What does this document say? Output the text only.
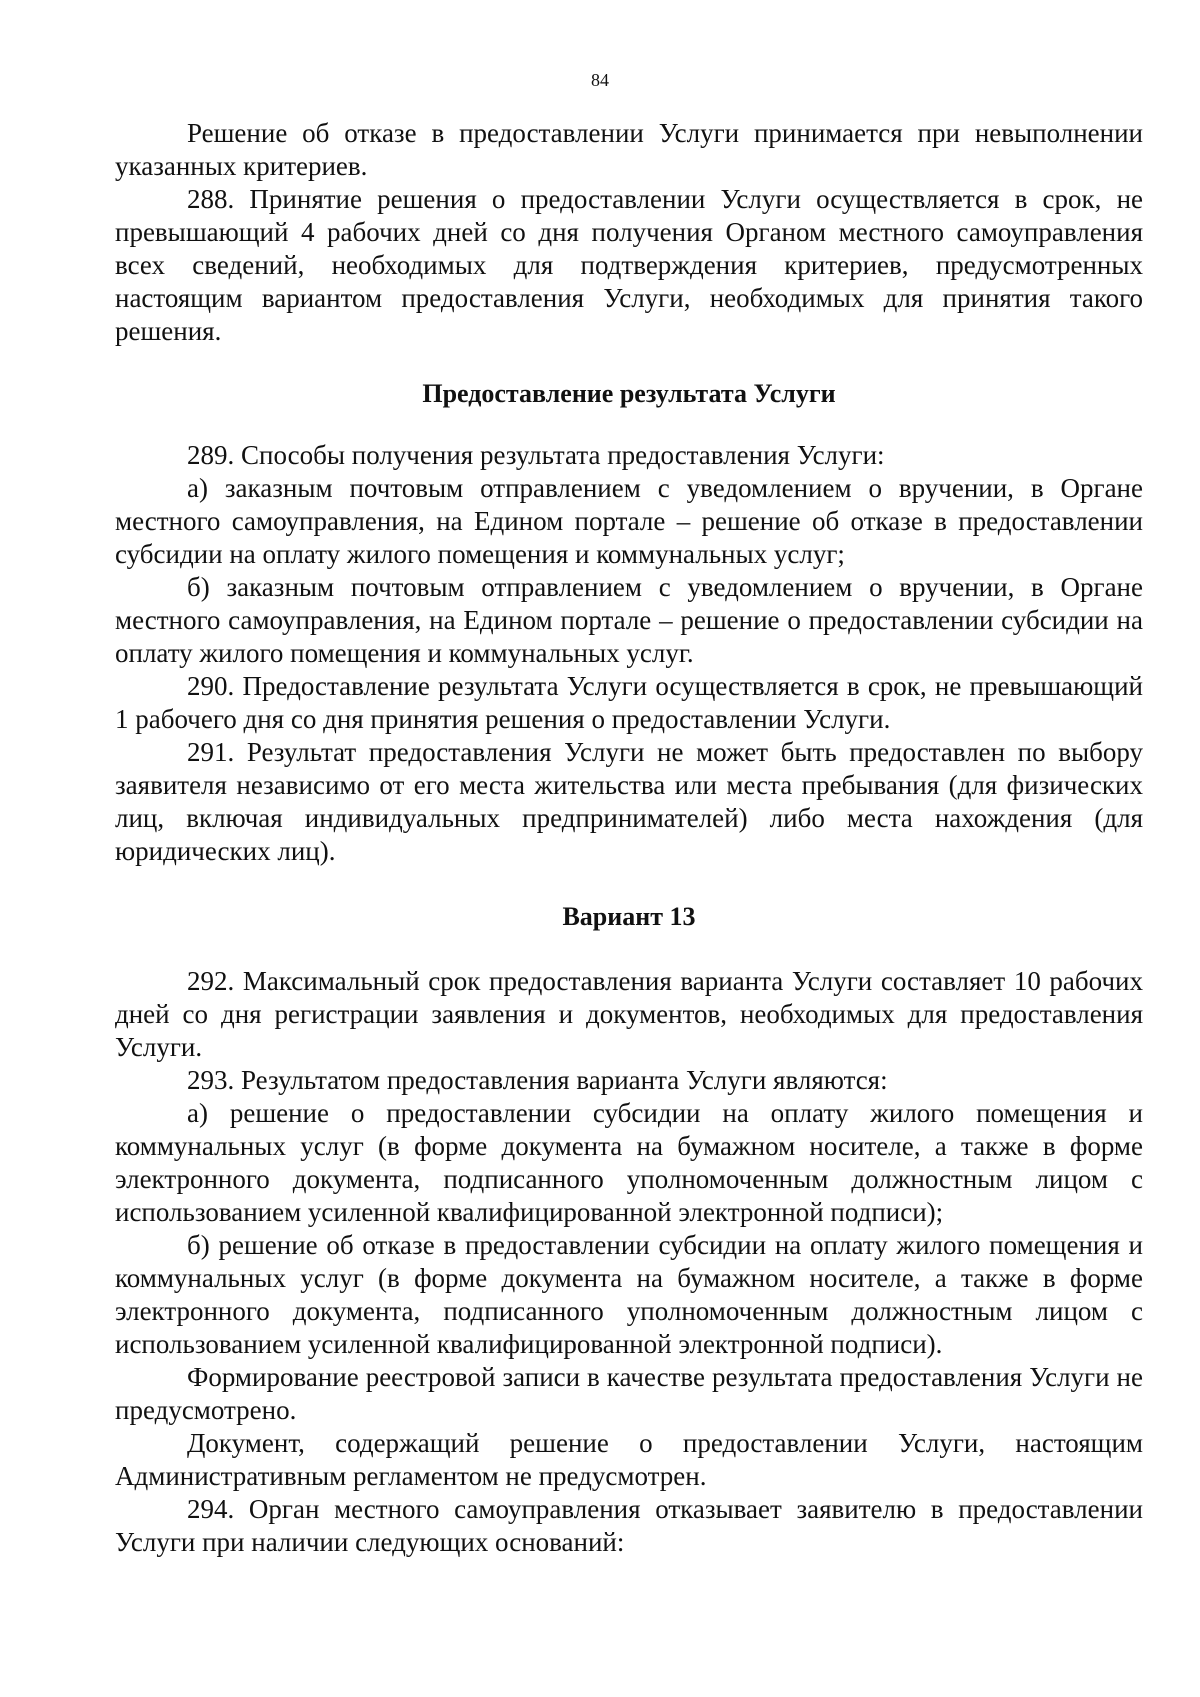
84

Решение об отказе в предоставлении Услуги принимается при невыполнении указанных критериев.

288. Принятие решения о предоставлении Услуги осуществляется в срок, не превышающий 4 рабочих дней со дня получения Органом местного самоуправления всех сведений, необходимых для подтверждения критериев, предусмотренных настоящим вариантом предоставления Услуги, необходимых для принятия такого решения.

Предоставление результата Услуги

289. Способы получения результата предоставления Услуги:

а) заказным почтовым отправлением с уведомлением о вручении, в Органе местного самоуправления, на Едином портале – решение об отказе в предоставлении субсидии на оплату жилого помещения и коммунальных услуг;

б) заказным почтовым отправлением с уведомлением о вручении, в Органе местного самоуправления, на Едином портале – решение о предоставлении субсидии на оплату жилого помещения и коммунальных услуг.

290. Предоставление результата Услуги осуществляется в срок, не превышающий 1 рабочего дня со дня принятия решения о предоставлении Услуги.

291. Результат предоставления Услуги не может быть предоставлен по выбору заявителя независимо от его места жительства или места пребывания (для физических лиц, включая индивидуальных предпринимателей) либо места нахождения (для юридических лиц).

Вариант 13

292. Максимальный срок предоставления варианта Услуги составляет 10 рабочих дней со дня регистрации заявления и документов, необходимых для предоставления Услуги.

293. Результатом предоставления варианта Услуги являются:

а) решение о предоставлении субсидии на оплату жилого помещения и коммунальных услуг (в форме документа на бумажном носителе, а также в форме электронного документа, подписанного уполномоченным должностным лицом с использованием усиленной квалифицированной электронной подписи);

б) решение об отказе в предоставлении субсидии на оплату жилого помещения и коммунальных услуг (в форме документа на бумажном носителе, а также в форме электронного документа, подписанного уполномоченным должностным лицом с использованием усиленной квалифицированной электронной подписи).

Формирование реестровой записи в качестве результата предоставления Услуги не предусмотрено.

Документ, содержащий решение о предоставлении Услуги, настоящим Административным регламентом не предусмотрен.

294. Орган местного самоуправления отказывает заявителю в предоставлении Услуги при наличии следующих оснований:
